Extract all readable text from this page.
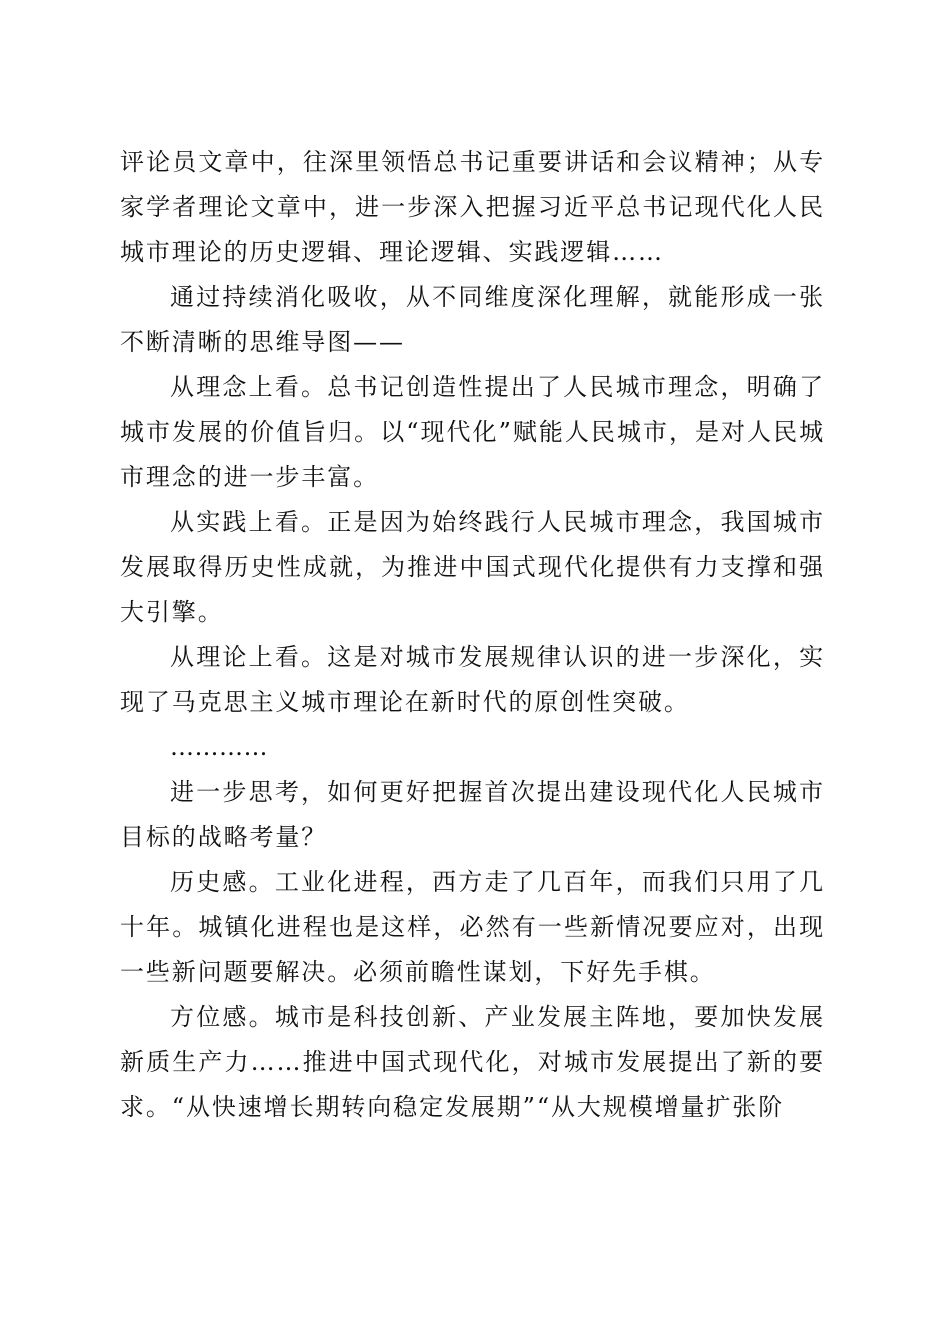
评论员文章中，往深里领悟总书记重要讲话和会议精神；从专家学者理论文章中，进一步深入把握习近平总书记现代化人民城市理论的历史逻辑、理论逻辑、实践逻辑……

通过持续消化吸收，从不同维度深化理解，就能形成一张不断清晰的思维导图——

从理念上看。总书记创造性提出了人民城市理念，明确了城市发展的价值旨归。以“现代化”赋能人民城市，是对人民城市理念的进一步丰富。

从实践上看。正是因为始终践行人民城市理念，我国城市发展取得历史性成就，为推进中国式现代化提供有力支撑和强大引擎。

从理论上看。这是对城市发展规律认识的进一步深化，实现了马克思主义城市理论在新时代的原创性突破。

…………

进一步思考，如何更好把握首次提出建设现代化人民城市目标的战略考量？

历史感。工业化进程，西方走了几百年，而我们只用了几十年。城镇化进程也是这样，必然有一些新情况要应对，出现一些新问题要解决。必须前瞻性谋划，下好先手棋。

方位感。城市是科技创新、产业发展主阵地，要加快发展新质生产力……推进中国式现代化，对城市发展提出了新的要求。“从快速增长期转向稳定发展期”“从大规模增量扩张阶
